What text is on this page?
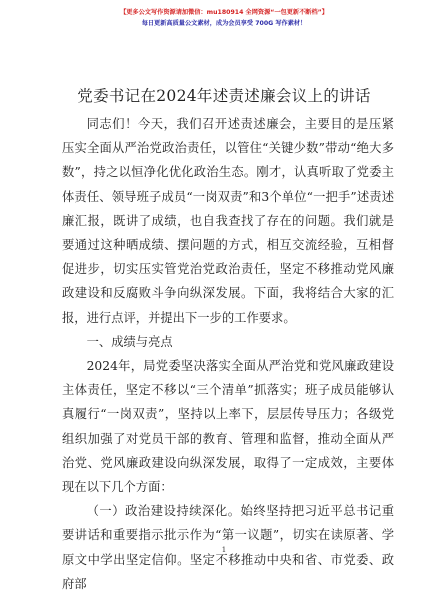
【更多公文写作资源请加微信：mu180914 全网资源“一包更新不断档”】
每日更新高质量公文素材，成为会员享受 700G 写作素材！
党委书记在2024年述责述廉会议上的讲话

同志们！今天，我们召开述责述廉会，主要目的是压紧压实全面从严治党政治责任，以管住“关键少数”带动“绝大多数”，持之以恒净化优化政治生态。刚才，认真听取了党委主体责任、领导班子成员“一岗双责”和3个单位“一把手”述责述廉汇报，既讲了成绩，也自我查找了存在的问题。我们就是要通过这种晒成绩、摆问题的方式，相互交流经验，互相督促进步，切实压实管党治党政治责任，坚定不移推动党风廉政建设和反腐败斗争向纵深发展。下面，我将结合大家的汇报，进行点评，并提出下一步的工作要求。

一、成绩与亮点

2024年，局党委坚决落实全面从严治党和党风廉政建设主体责任，坚定不移以“三个清单”抓落实；班子成员能够认真履行“一岗双责”，坚持以上率下，层层传导压力；各级党组织加强了对党员干部的教育、管理和监督，推动全面从严治党、党风廉政建设向纵深发展，取得了一定成效，主要体现在以下几个方面：

（一）政治建设持续深化。始终坚持把习近平总书记重要讲话和重要指示批示作为“第一议题”，切实在读原著、学原文中学出坚定信仰。坚定不移推动中央和省、市党委、政府部

1
